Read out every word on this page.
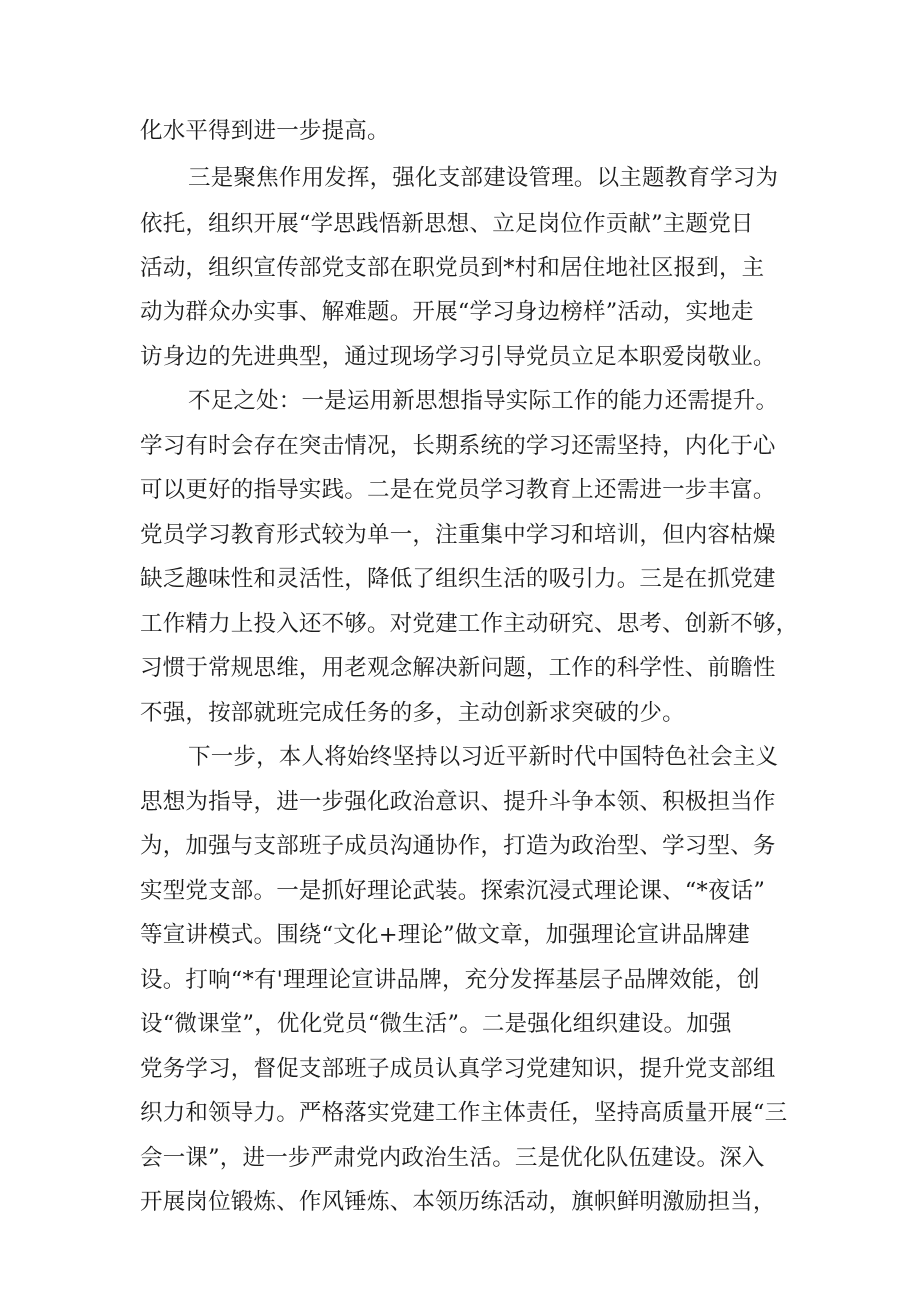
化水平得到进一步提高。
三是聚焦作用发挥，强化支部建设管理。以主题教育学习为
依托，组织开展“学思践悟新思想、立足岗位作贡献”主题党日
活动，组织宣传部党支部在职党员到*村和居住地社区报到，主
动为群众办实事、解难题。开展“学习身边榜样”活动，实地走
访身边的先进典型，通过现场学习引导党员立足本职爱岗敬业。
不足之处：一是运用新思想指导实际工作的能力还需提升。
学习有时会存在突击情况，长期系统的学习还需坚持，内化于心
可以更好的指导实践。二是在党员学习教育上还需进一步丰富。
党员学习教育形式较为单一，注重集中学习和培训，但内容枯燥
缺乏趣味性和灵活性，降低了组织生活的吸引力。三是在抓党建
工作精力上投入还不够。对党建工作主动研究、思考、创新不够，
习惯于常规思维，用老观念解决新问题，工作的科学性、前瞻性
不强，按部就班完成任务的多，主动创新求突破的少。
下一步，本人将始终坚持以习近平新时代中国特色社会主义
思想为指导，进一步强化政治意识、提升斗争本领、积极担当作
为，加强与支部班子成员沟通协作，打造为政治型、学习型、务
实型党支部。一是抓好理论武装。探索沉浸式理论课、“*夜话”
等宣讲模式。围绕“文化+理论”做文章，加强理论宣讲品牌建
设。打响“*有'理理论宣讲品牌，充分发挥基层子品牌效能，创
设“微课堂”，优化党员“微生活”。二是强化组织建设。加强
党务学习，督促支部班子成员认真学习党建知识，提升党支部组
织力和领导力。严格落实党建工作主体责任，坚持高质量开展“三
会一课”，进一步严肃党内政治生活。三是优化队伍建设。深入
开展岗位锻炼、作风锤炼、本领历练活动，旗帜鲜明激励担当，
